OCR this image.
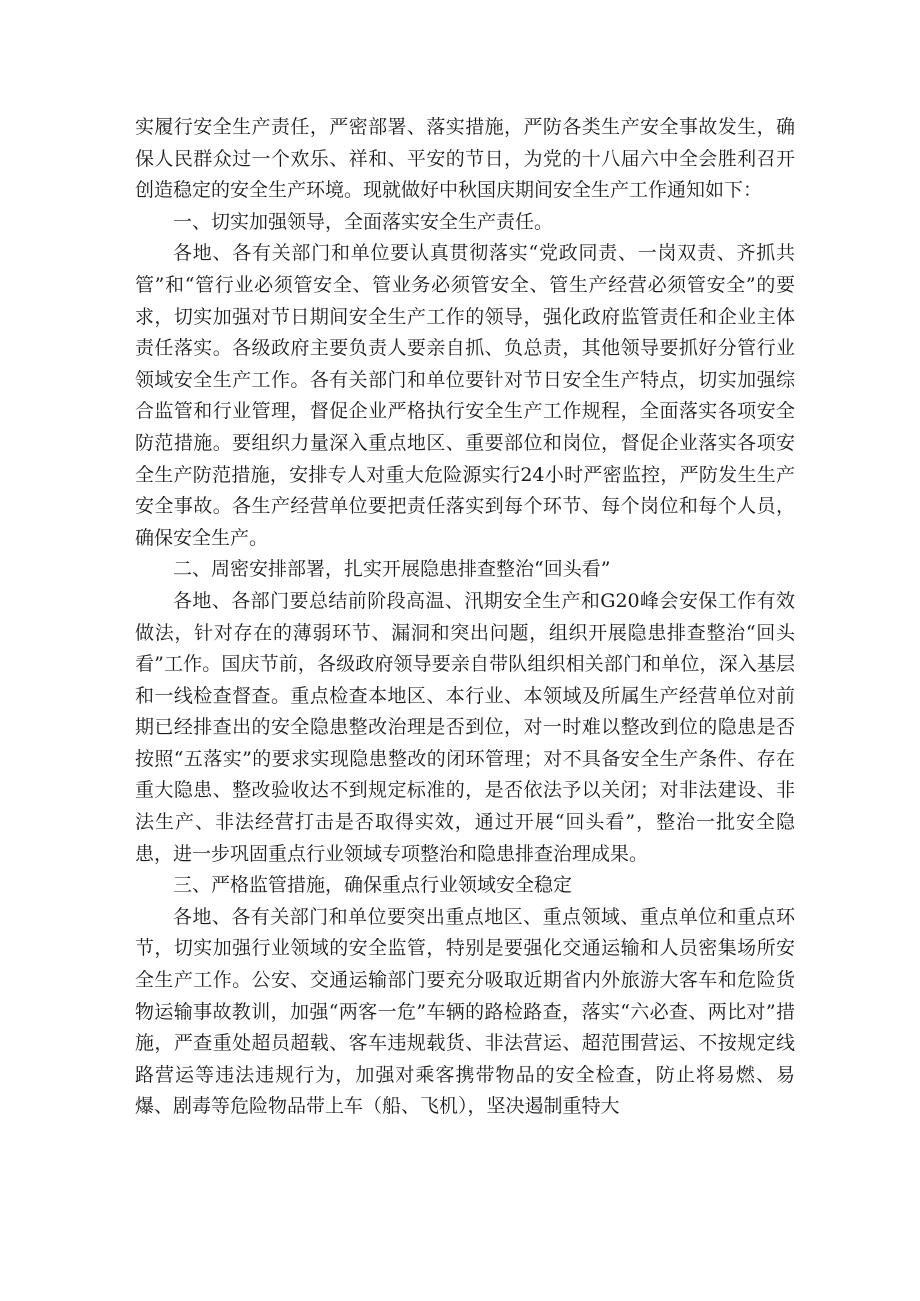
实履行安全生产责任，严密部署、落实措施，严防各类生产安全事故发生，确保人民群众过一个欢乐、祥和、平安的节日，为党的十八届六中全会胜利召开创造稳定的安全生产环境。现就做好中秋国庆期间安全生产工作通知如下：

一、切实加强领导，全面落实安全生产责任。

各地、各有关部门和单位要认真贯彻落实“党政同责、一岗双责、齐抓共管”和“管行业必须管安全、管业务必须管安全、管生产经营必须管安全”的要求，切实加强对节日期间安全生产工作的领导，强化政府监管责任和企业主体责任落实。各级政府主要负责人要亲自抓、负总责，其他领导要抓好分管行业领域安全生产工作。各有关部门和单位要针对节日安全生产特点，切实加强综合监管和行业管理，督促企业严格执行安全生产工作规程，全面落实各项安全防范措施。要组织力量深入重点地区、重要部位和岗位，督促企业落实各项安全生产防范措施，安排专人对重大危险源实行24小时严密监控，严防发生生产安全事故。各生产经营单位要把责任落实到每个环节、每个岗位和每个人员，确保安全生产。

二、周密安排部署，扎实开展隐患排查整治“回头看”

各地、各部门要总结前阶段高温、汛期安全生产和G20峰会安保工作有效做法，针对存在的薄弱环节、漏洞和突出问题，组织开展隐患排查整治“回头看”工作。国庆节前，各级政府领导要亲自带队组织相关部门和单位，深入基层和一线检查督查。重点检查本地区、本行业、本领域及所属生产经营单位对前期已经排查出的安全隐患整改治理是否到位，对一时难以整改到位的隐患是否按照“五落实”的要求实现隐患整改的闭环管理；对不具备安全生产条件、存在重大隐患、整改验收达不到规定标准的，是否依法予以关闭；对非法建设、非法生产、非法经营打击是否取得实效，通过开展“回头看”，整治一批安全隐患，进一步巩固重点行业领域专项整治和隐患排查治理成果。

三、严格监管措施，确保重点行业领域安全稳定

各地、各有关部门和单位要突出重点地区、重点领域、重点单位和重点环节，切实加强行业领域的安全监管，特别是要强化交通运输和人员密集场所安全生产工作。公安、交通运输部门要充分吸取近期省内外旅游大客车和危险货物运输事故教训，加强“两客一危”车辆的路检路查，落实“六必查、两比对”措施，严查重处超员超载、客车违规载货、非法营运、超范围营运、不按规定线路营运等违法违规行为，加强对乘客携带物品的安全检查，防止将易燃、易爆、剧毒等危险物品带上车（船、飞机），坚决遏制重特大
